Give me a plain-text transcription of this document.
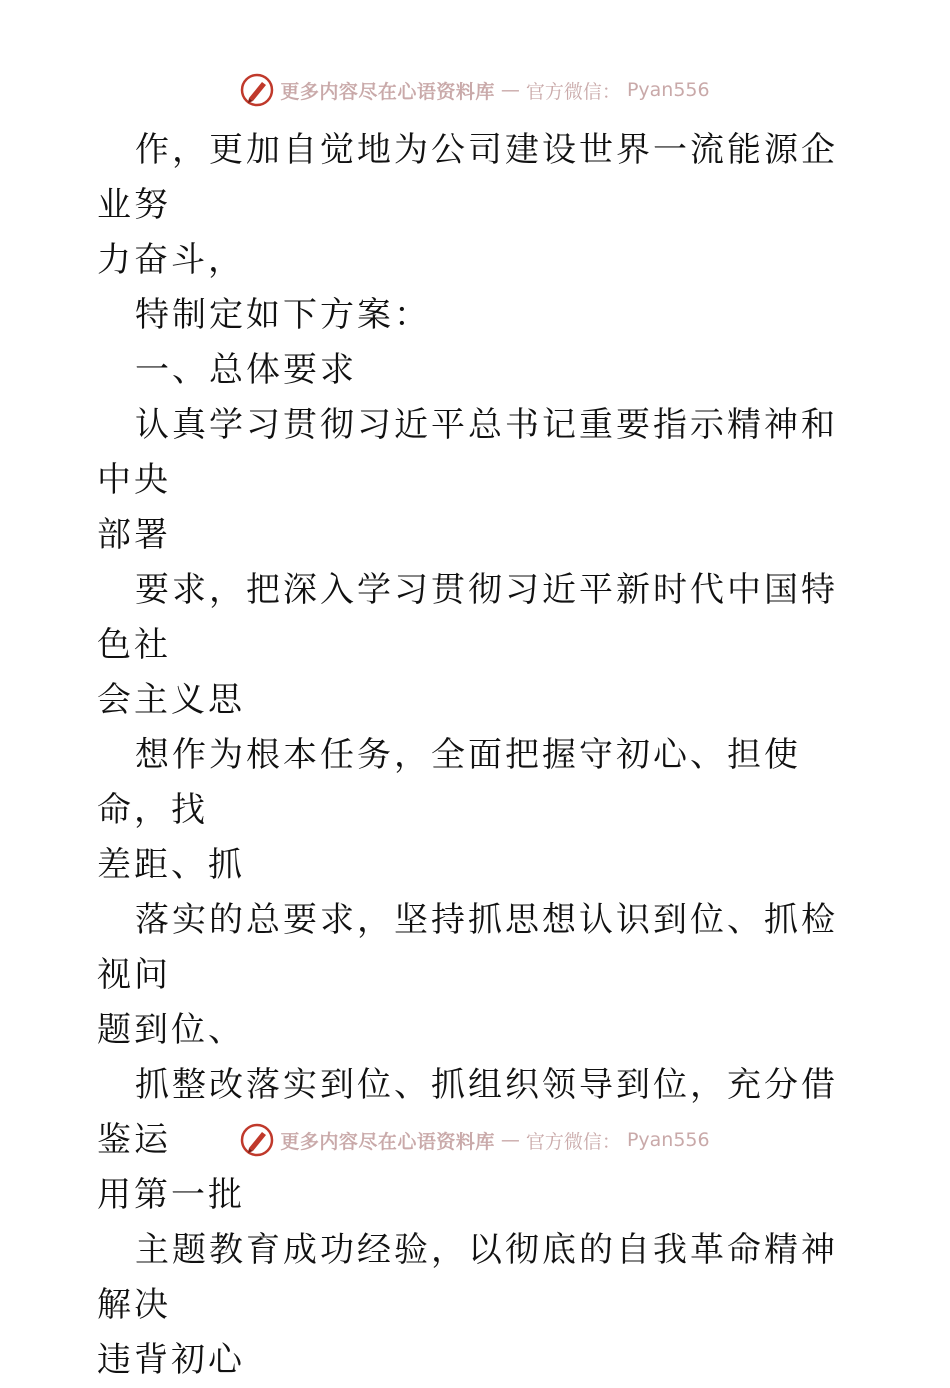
更多内容尽在心语资料库 — 官方微信： Pyan556

作，更加自觉地为公司建设世界一流能源企业努
力奋斗，

特制定如下方案：

一、总体要求

认真学习贯彻习近平总书记重要指示精神和中央
部署

要求，把深入学习贯彻习近平新时代中国特色社
会主义思

想作为根本任务，全面把握守初心、担使命，找
差距、抓

落实的总要求，坚持抓思想认识到位、抓检视问
题到位、

抓整改落实到位、抓组织领导到位，充分借鉴运
用第一批

主题教育成功经验，以彻底的自我革命精神解决
违背初心

更多内容尽在心语资料库 — 官方微信： Pyan556
